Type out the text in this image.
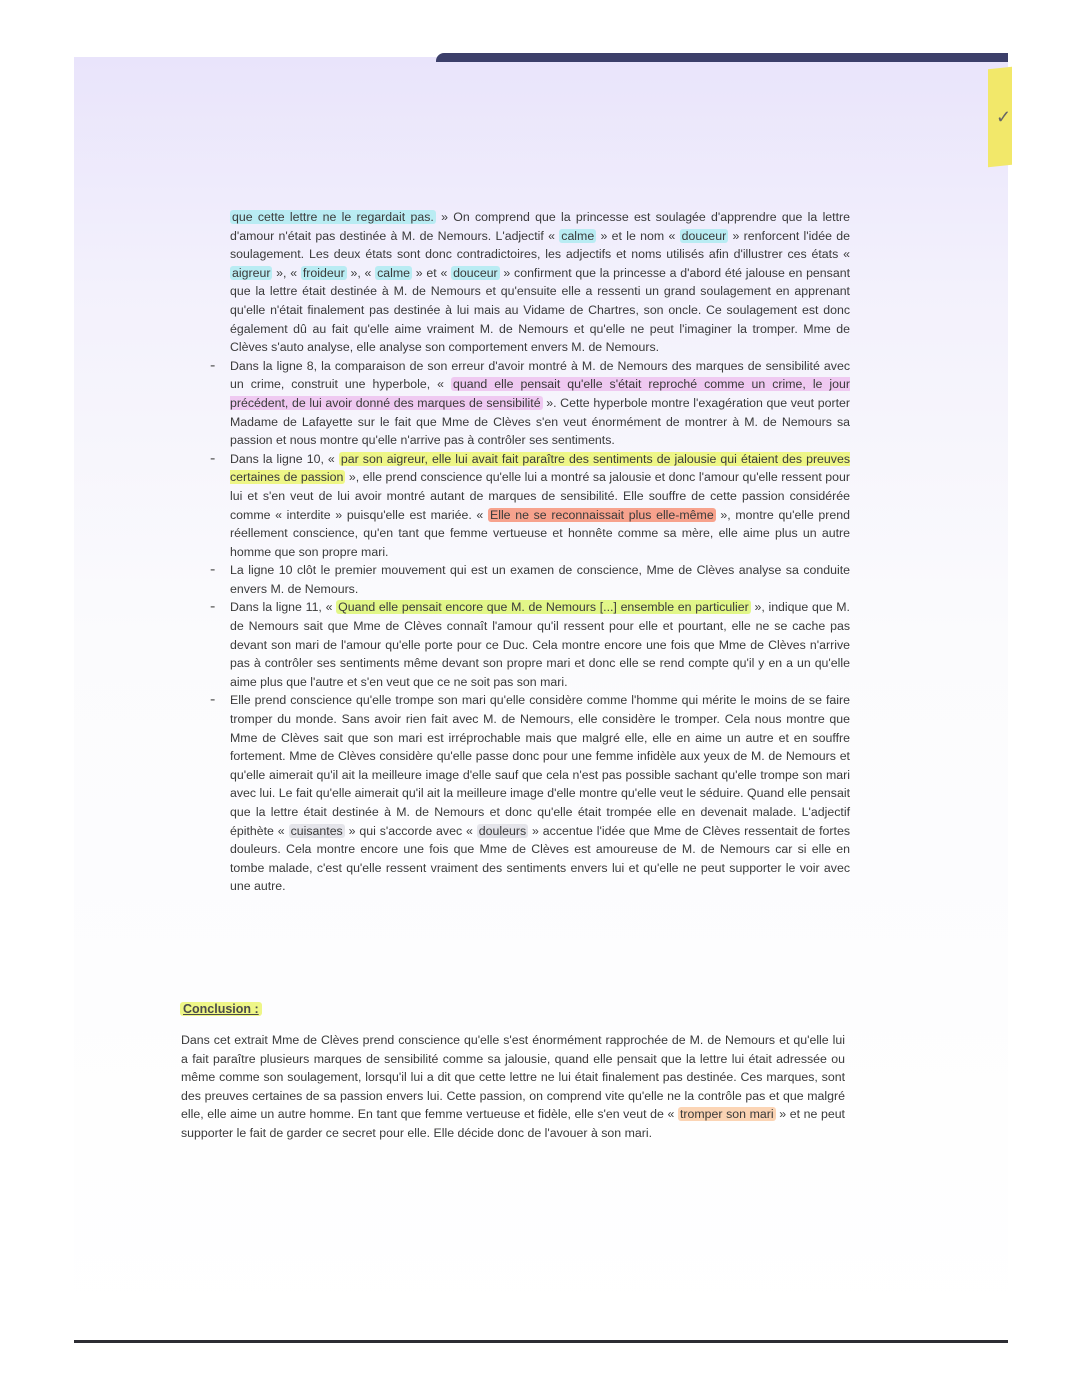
✓

que cette lettre ne le regardait pas. » On comprend que la princesse est soulagée d'apprendre que la lettre d'amour n'était pas destinée à M. de Nemours. L'adjectif « calme » et le nom « douceur » renforcent l'idée de soulagement. Les deux états sont donc contradictoires, les adjectifs et noms utilisés afin d'illustrer ces états « aigreur », « froideur », « calme » et « douceur » confirment que la princesse a d'abord été jalouse en pensant que la lettre était destinée à M. de Nemours et qu'ensuite elle a ressenti un grand soulagement en apprenant qu'elle n'était finalement pas destinée à lui mais au Vidame de Chartres, son oncle. Ce soulagement est donc également dû au fait qu'elle aime vraiment M. de Nemours et qu'elle ne peut l'imaginer la tromper. Mme de Clèves s'auto analyse, elle analyse son comportement envers M. de Nemours.

- Dans la ligne 8, la comparaison de son erreur d'avoir montré à M. de Nemours des marques de sensibilité avec un crime, construit une hyperbole, « quand elle pensait qu'elle s'était reproché comme un crime, le jour précédent, de lui avoir donné des marques de sensibilité ». Cette hyperbole montre l'exagération que veut porter Madame de Lafayette sur le fait que Mme de Clèves s'en veut énormément de montrer à M. de Nemours sa passion et nous montre qu'elle n'arrive pas à contrôler ses sentiments.

- Dans la ligne 10, « par son aigreur, elle lui avait fait paraître des sentiments de jalousie qui étaient des preuves certaines de passion », elle prend conscience qu'elle lui a montré sa jalousie et donc l'amour qu'elle ressent pour lui et s'en veut de lui avoir montré autant de marques de sensibilité. Elle souffre de cette passion considérée comme « interdite » puisqu'elle est mariée. « Elle ne se reconnaissait plus elle-même », montre qu'elle prend réellement conscience, qu'en tant que femme vertueuse et honnête comme sa mère, elle aime plus un autre homme que son propre mari.

- La ligne 10 clôt le premier mouvement qui est un examen de conscience, Mme de Clèves analyse sa conduite envers M. de Nemours.

- Dans la ligne 11, « Quand elle pensait encore que M. de Nemours [...] ensemble en particulier », indique que M. de Nemours sait que Mme de Clèves connaît l'amour qu'il ressent pour elle et pourtant, elle ne se cache pas devant son mari de l'amour qu'elle porte pour ce Duc. Cela montre encore une fois que Mme de Clèves n'arrive pas à contrôler ses sentiments même devant son propre mari et donc elle se rend compte qu'il y en a un qu'elle aime plus que l'autre et s'en veut que ce ne soit pas son mari.

- Elle prend conscience qu'elle trompe son mari qu'elle considère comme l'homme qui mérite le moins de se faire tromper du monde. Sans avoir rien fait avec M. de Nemours, elle considère le tromper. Cela nous montre que Mme de Clèves sait que son mari est irréprochable mais que malgré elle, elle en aime un autre et en souffre fortement. Mme de Clèves considère qu'elle passe donc pour une femme infidèle aux yeux de M. de Nemours et qu'elle aimerait qu'il ait la meilleure image d'elle sauf que cela n'est pas possible sachant qu'elle trompe son mari avec lui. Le fait qu'elle aimerait qu'il ait la meilleure image d'elle montre qu'elle veut le séduire. Quand elle pensait que la lettre était destinée à M. de Nemours et donc qu'elle était trompée elle en devenait malade. L'adjectif épithète « cuisantes » qui s'accorde avec « douleurs » accentue l'idée que Mme de Clèves ressentait de fortes douleurs. Cela montre encore une fois que Mme de Clèves est amoureuse de M. de Nemours car si elle en tombe malade, c'est qu'elle ressent vraiment des sentiments envers lui et qu'elle ne peut supporter le voir avec une autre.

Conclusion :

Dans cet extrait Mme de Clèves prend conscience qu'elle s'est énormément rapprochée de M. de Nemours et qu'elle lui a fait paraître plusieurs marques de sensibilité comme sa jalousie, quand elle pensait que la lettre lui était adressée ou même comme son soulagement, lorsqu'il lui a dit que cette lettre ne lui était finalement pas destinée. Ces marques, sont des preuves certaines de sa passion envers lui. Cette passion, on comprend vite qu'elle ne la contrôle pas et que malgré elle, elle aime un autre homme. En tant que femme vertueuse et fidèle, elle s'en veut de « tromper son mari » et ne peut supporter le fait de garder ce secret pour elle. Elle décide donc de l'avouer à son mari.
